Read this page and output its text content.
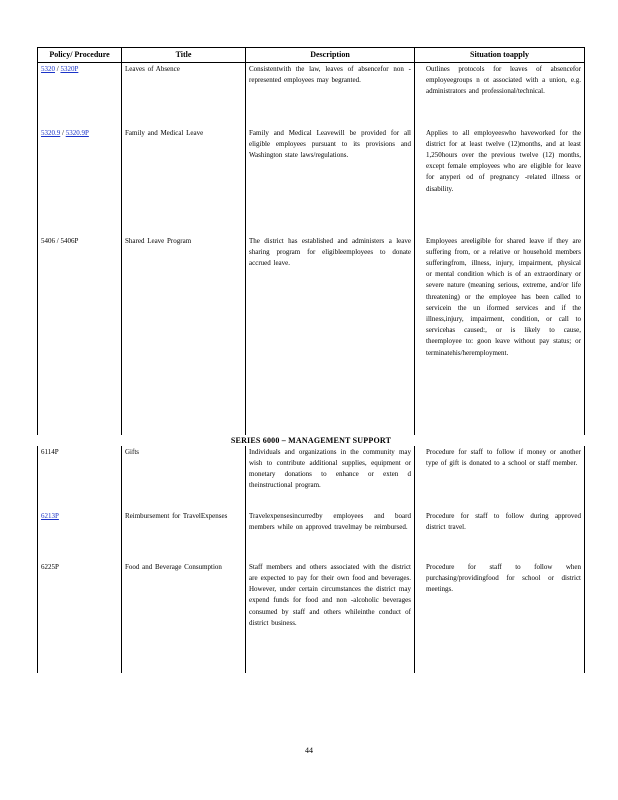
Policy/ Procedure	Title	Description	Situation toapply
5320 / 5320P	Leaves of Absence	Consistentwith the law, leaves of absencefor non -represented employees may begranted.	Outlines protocols for leaves of absencefor employeegroups n ot associated with a union, e.g. administrators and professional/technical.

5320.9 / 5320.9P	Family and Medical Leave	Family and Medical Leavewill be provided for all eligible employees pursuant to its provisions and Washington state laws/regulations.	Applies to all employeeswho haveworked for the district for at least twelve (12)months, and at least 1,250hours over the previous twelve (12) months, except female employees who are eligible for leave for anyperi od of pregnancy -related illness or disability.

5406 / 5406P	Shared Leave Program	The district has established and administers a leave sharing program for eligibleemployees to donate accrued leave.	Employees areeligible for shared leave if they are suffering from, or a relative or household members sufferingfrom, illness, injury, impairment, physical or mental condition which is of an extraordinary or severe nature (meaning serious, extreme, and/or life threatening) or the employee has been called to servicein the un iformed services and if the illness,injury, impairment, condition, or call to servicehas caused:, or is likely to cause, theemployee to: goon leave without pay status; or terminatehis/heremployment.

SERIES 6000 – MANAGEMENT SUPPORT			
6114P	Gifts	Individuals and organizations in the community may wish to contribute additional supplies, equipment or monetary donations to enhance or exten d theinstructional program.	Procedure for staff to follow if money or another type of gift is donated to a school or staff member.

6213P	Reimbursement for TravelExpenses	Travelexpensesincurredby employees and board members while on approved travelmay be reimbursed.	Procedure for staff to follow during approved district travel.

6225P	Food and Beverage Consumption	Staff members and others associated with the district are expected to pay for their own food and beverages. However, under certain circumstances the district may expend funds for food and non -alcoholic beverages consumed by staff and others whileinthe conduct of district business.	Procedure for staff to follow when purchasing/providingfood for school or district meetings.
44
